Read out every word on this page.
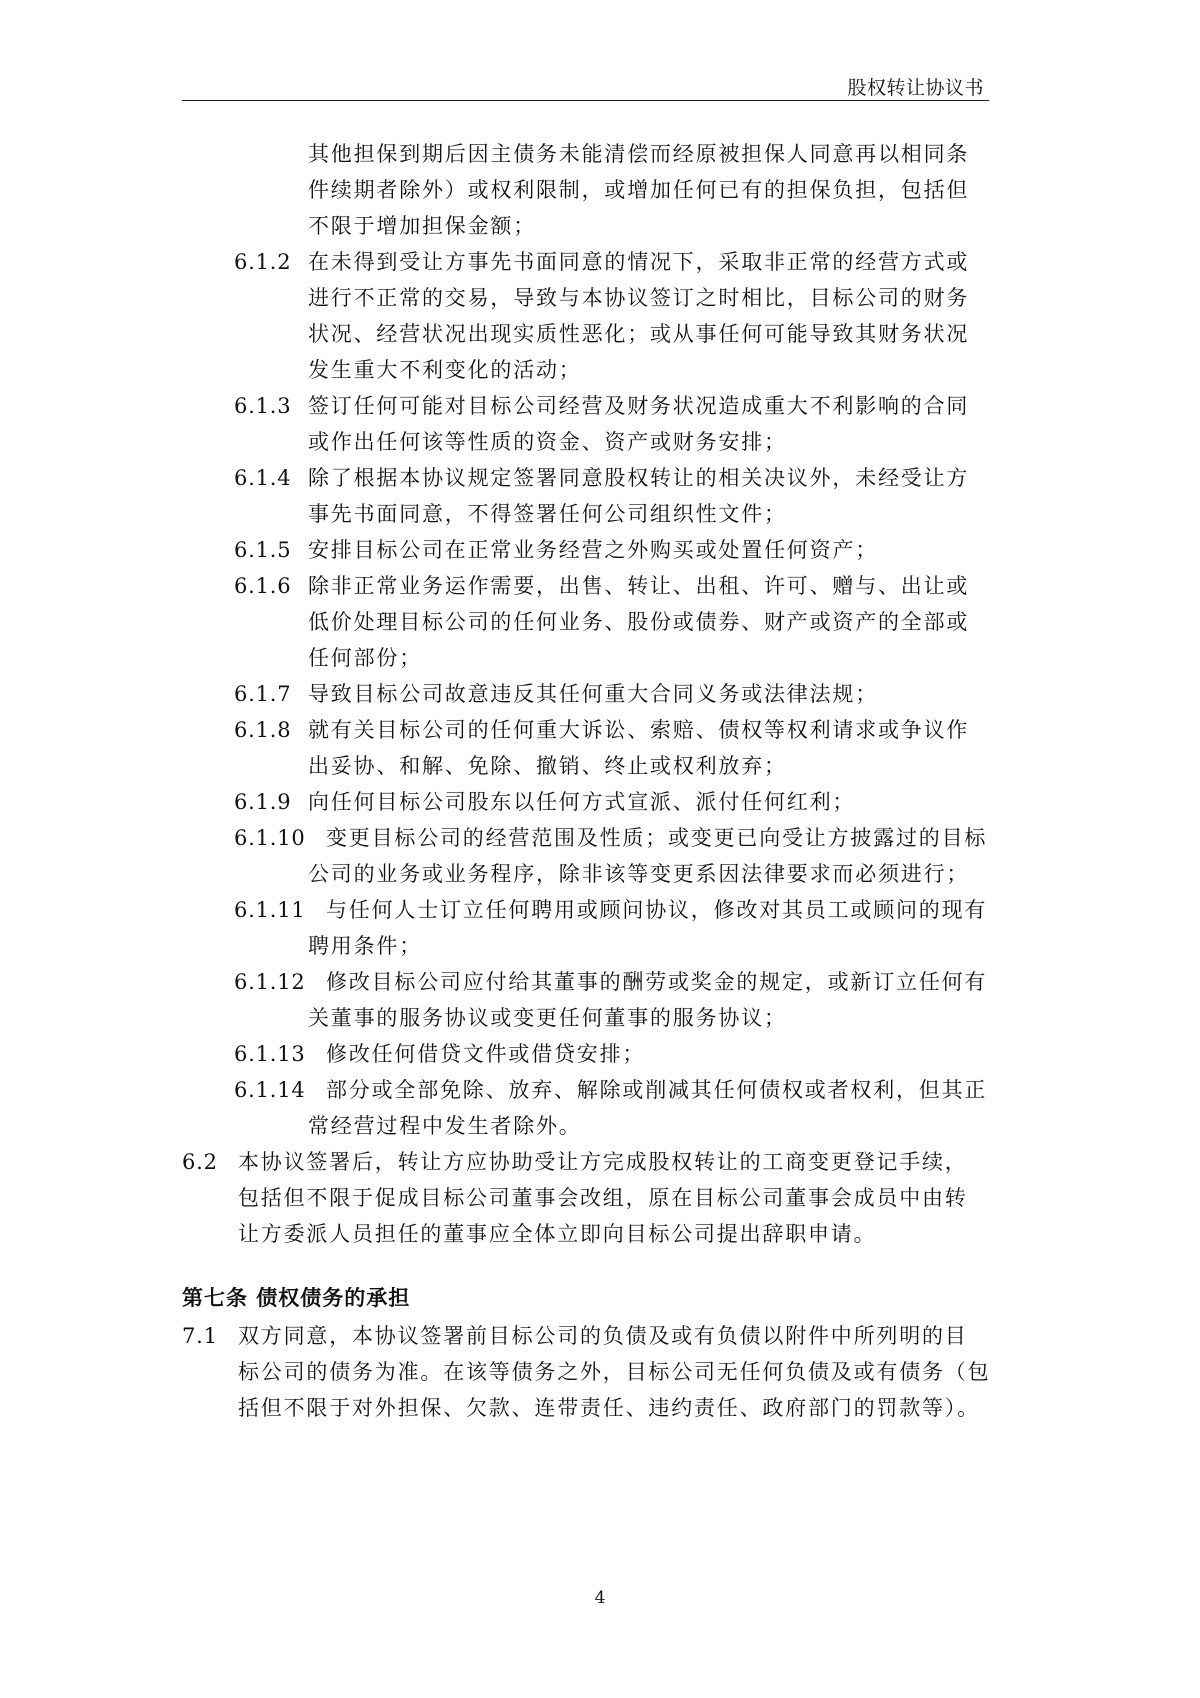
股权转让协议书
其他担保到期后因主债务未能清偿而经原被担保人同意再以相同条
件续期者除外）或权利限制，或增加任何已有的担保负担，包括但
不限于增加担保金额；
6.1.2 在未得到受让方事先书面同意的情况下，采取非正常的经营方式或
进行不正常的交易，导致与本协议签订之时相比，目标公司的财务
状况、经营状况出现实质性恶化；或从事任何可能导致其财务状况
发生重大不利变化的活动；
6.1.3 签订任何可能对目标公司经营及财务状况造成重大不利影响的合同
或作出任何该等性质的资金、资产或财务安排；
6.1.4 除了根据本协议规定签署同意股权转让的相关决议外，未经受让方
事先书面同意，不得签署任何公司组织性文件；
6.1.5 安排目标公司在正常业务经营之外购买或处置任何资产；
6.1.6 除非正常业务运作需要，出售、转让、出租、许可、赠与、出让或
低价处理目标公司的任何业务、股份或债券、财产或资产的全部或
任何部份；
6.1.7 导致目标公司故意违反其任何重大合同义务或法律法规；
6.1.8 就有关目标公司的任何重大诉讼、索赔、债权等权利请求或争议作
出妥协、和解、免除、撤销、终止或权利放弃；
6.1.9 向任何目标公司股东以任何方式宣派、派付任何红利；
6.1.10 变更目标公司的经营范围及性质；或变更已向受让方披露过的目标
公司的业务或业务程序，除非该等变更系因法律要求而必须进行；
6.1.11 与任何人士订立任何聘用或顾问协议，修改对其员工或顾问的现有
聘用条件；
6.1.12 修改目标公司应付给其董事的酬劳或奖金的规定，或新订立任何有
关董事的服务协议或变更任何董事的服务协议；
6.1.13 修改任何借贷文件或借贷安排；
6.1.14 部分或全部免除、放弃、解除或削减其任何债权或者权利，但其正
常经营过程中发生者除外。
6.2 本协议签署后，转让方应协助受让方完成股权转让的工商变更登记手续，
包括但不限于促成目标公司董事会改组，原在目标公司董事会成员中由转
让方委派人员担任的董事应全体立即向目标公司提出辞职申请。
第七条 债权债务的承担
7.1 双方同意，本协议签署前目标公司的负债及或有负债以附件中所列明的目
标公司的债务为准。在该等债务之外，目标公司无任何负债及或有债务（包
括但不限于对外担保、欠款、连带责任、违约责任、政府部门的罚款等）。
4
